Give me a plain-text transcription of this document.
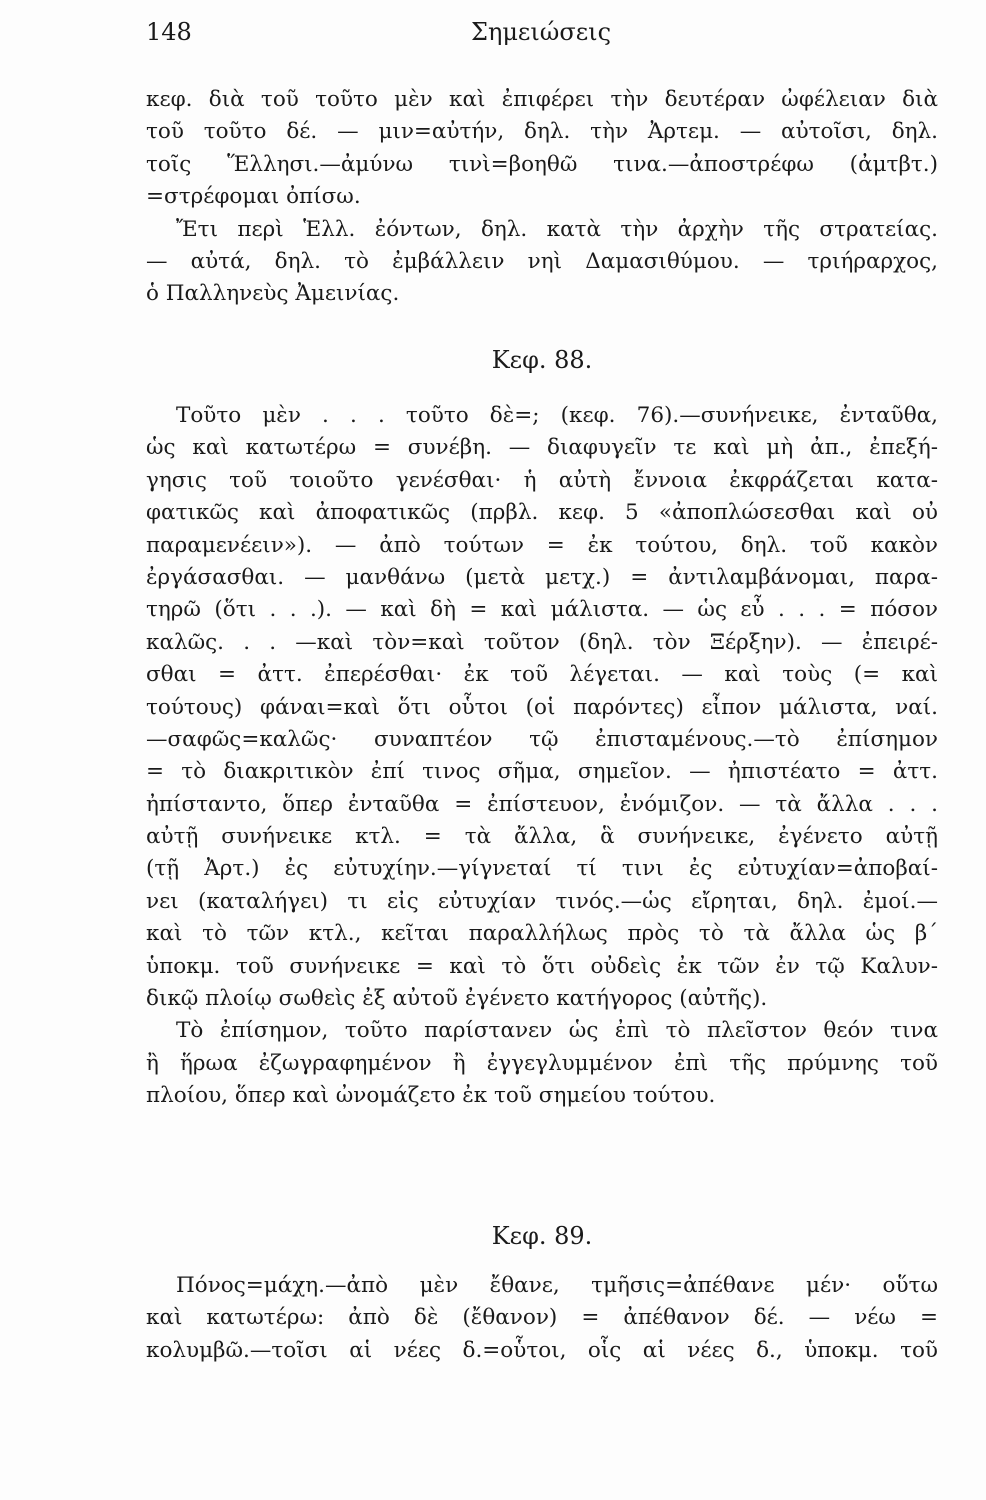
148	Σημειώσεις
κεφ. διὰ τοῦ τοῦτο μὲν καὶ ἐπιφέρει τὴν δευτέραν ὠφέλειαν διὰ
τοῦ τοῦτο δέ. — μιν=αὐτήν, δηλ. τὴν Ἀρτεμ. — αὐτοῖσι, δηλ.
τοῖς Ἕλλησι.—ἀμύνω τινὶ=βοηθῶ τινα.—ἀποστρέφω (ἀμτβτ.)
=στρέφομαι ὀπίσω.
Ἔτι περὶ Ἑλλ. ἐόντων, δηλ. κατὰ τὴν ἀρχὴν τῆς στρατείας.
— αὐτά, δηλ. τὸ ἐμβάλλειν νηὶ Δαμασιθύμου. — τριήραρχος,
ὁ Παλληνεὺς Ἀμεινίας.
Κεφ. 88.
Τοῦτο μὲν . . . τοῦτο δὲ=; (κεφ. 76).—συνήνεικε, ἐνταῦθα,
ὡς καὶ κατωτέρω = συνέβη. — διαφυγεῖν τε καὶ μὴ ἀπ., ἐπεξή-
γησις τοῦ τοιοῦτο γενέσθαι· ἡ αὐτὴ ἔννοια ἐκφράζεται κατα-
φατικῶς καὶ ἀποφατικῶς (πρβλ. κεφ. 5 «ἀποπλώσεσθαι καὶ οὐ
παραμενέειν»). — ἀπὸ τούτων = ἐκ τούτου, δηλ. τοῦ κακὸν
ἐργάσασθαι. — μανθάνω (μετὰ μετχ.) = ἀντιλαμβάνομαι, παρα-
τηρῶ (ὅτι . . .). — καὶ δὴ = καὶ μάλιστα. — ὡς εὖ . . . = πόσον
καλῶς. . . —καὶ τὸν=καὶ τοῦτον (δηλ. τὸν Ξέρξην). — ἐπειρέ-
σθαι = ἀττ. ἐπερέσθαι· ἐκ τοῦ λέγεται. — καὶ τοὺς (= καὶ
τούτους) φάναι=καὶ ὅτι οὗτοι (οἱ παρόντες) εἶπον μάλιστα, ναί.
—σαφῶς=καλῶς· συναπτέον τῷ ἐπισταμένους.—τὸ ἐπίσημον
= τὸ διακριτικὸν ἐπί τινος σῆμα, σημεῖον. — ἠπιστέατο = ἀττ.
ἠπίσταντο, ὅπερ ἐνταῦθα = ἐπίστευον, ἐνόμιζον. — τὰ ἄλλα . . .
αὐτῇ συνήνεικε κτλ. = τὰ ἄλλα, ἃ συνήνεικε, ἐγένετο αὐτῇ
(τῇ Ἀρτ.) ἐς εὐτυχίην.—γίγνεταί τί τινι ἐς εὐτυχίαν=ἀποβαί-
νει (καταλήγει) τι εἰς εὐτυχίαν τινός.—ὡς εἴρηται, δηλ. ἐμοί.—
καὶ τὸ τῶν κτλ., κεῖται παραλλήλως πρὸς τὸ τὰ ἄλλα ὡς β΄
ὑποκμ. τοῦ συνήνεικε = καὶ τὸ ὅτι οὐδεὶς ἐκ τῶν ἐν τῷ Καλυν-
δικῷ πλοίῳ σωθεὶς ἐξ αὐτοῦ ἐγένετο κατήγορος (αὐτῆς).
Τὸ ἐπίσημον, τοῦτο παρίστανεν ὡς ἐπὶ τὸ πλεῖστον θεόν τινα
ἢ ἥρωα ἐζωγραφημένον ἢ ἐγγεγλυμμένον ἐπὶ τῆς πρύμνης τοῦ
πλοίου, ὅπερ καὶ ὠνομάζετο ἐκ τοῦ σημείου τούτου.
Κεφ. 89.
Πόνος=μάχη.—ἀπὸ μὲν ἔθανε, τμῆσις=ἀπέθανε μέν· οὕτω
καὶ κατωτέρω: ἀπὸ δὲ (ἔθανον) = ἀπέθανον δέ. — νέω =
κολυμβῶ.—τοῖσι αἱ νέες δ.=οὗτοι, οἷς αἱ νέες δ., ὑποκμ. τοῦ
